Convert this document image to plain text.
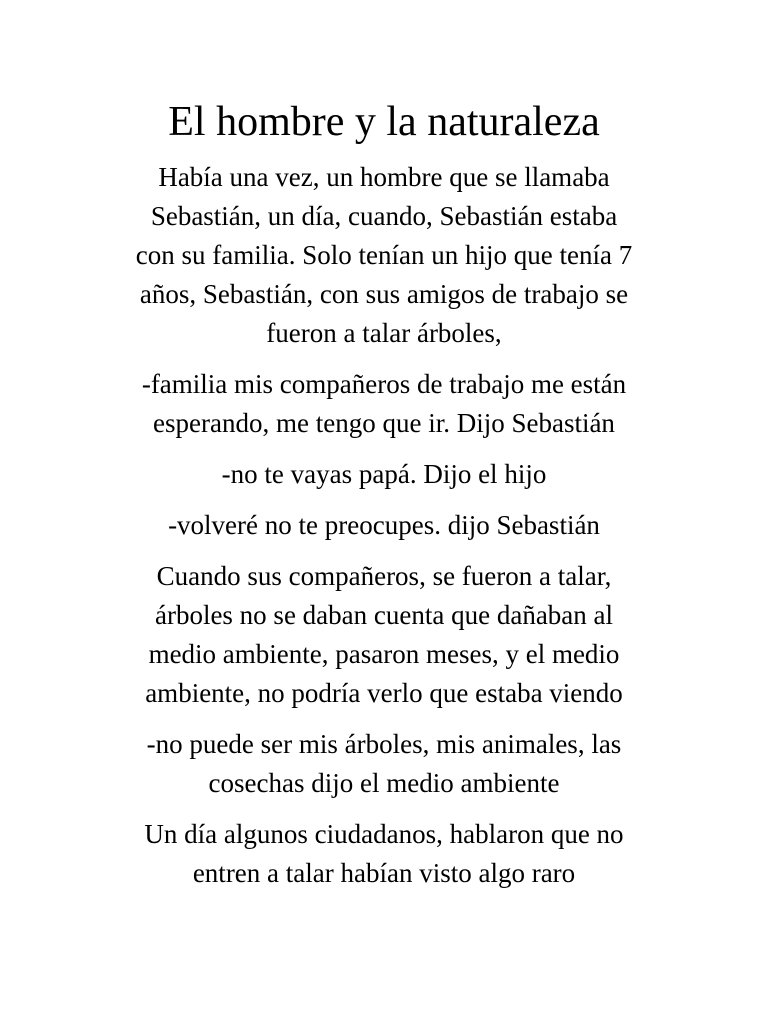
El hombre y la naturaleza

Había una vez, un hombre que se llamaba
Sebastián, un día, cuando, Sebastián estaba
con su familia. Solo tenían un hijo que tenía 7
años, Sebastián, con sus amigos de trabajo se
fueron a talar árboles,

-familia mis compañeros de trabajo me están
esperando, me tengo que ir. Dijo Sebastián

-no te vayas papá. Dijo el hijo

-volveré no te preocupes. dijo Sebastián

Cuando sus compañeros, se fueron a talar,
árboles no se daban cuenta que dañaban al
medio ambiente, pasaron meses, y el medio
ambiente, no podría verlo que estaba viendo

-no puede ser mis árboles, mis animales, las
cosechas dijo el medio ambiente

Un día algunos ciudadanos, hablaron que no
entren a talar habían visto algo raro
